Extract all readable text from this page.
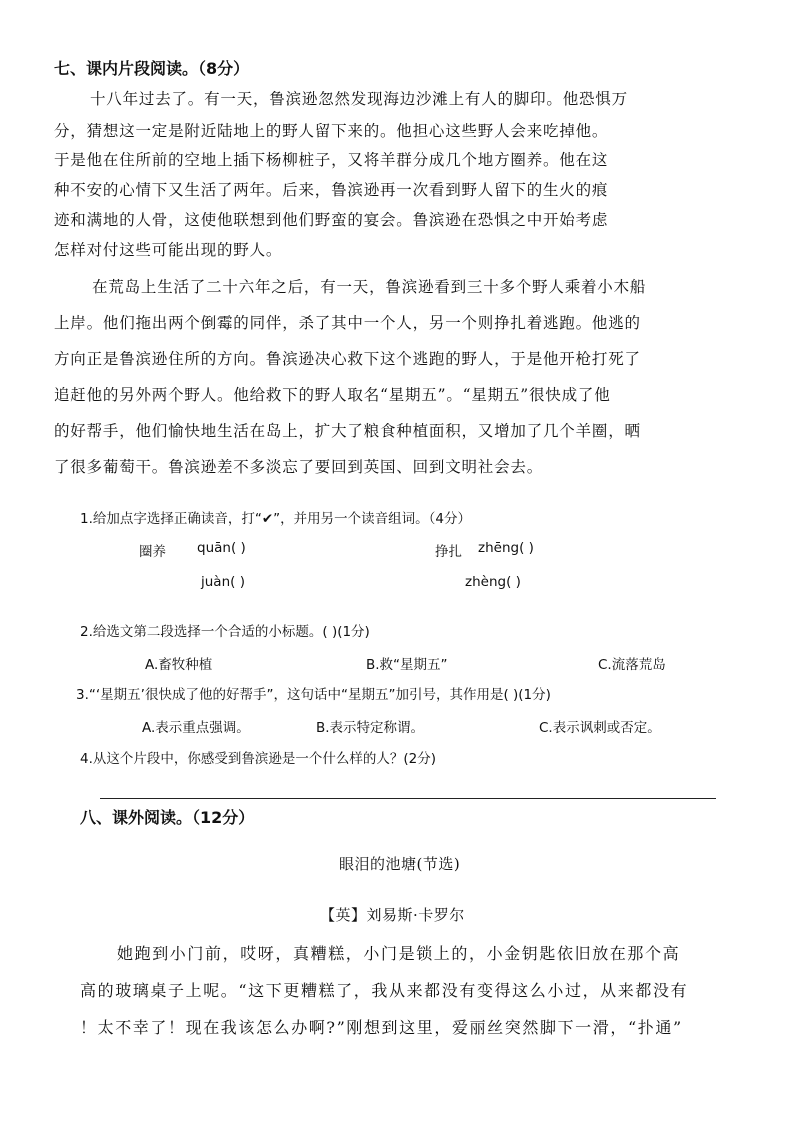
七、课内片段阅读。（8分）
十八年过去了。有一天，鲁滨逊忽然发现海边沙滩上有人的脚印。他恐惧万
分，猜想这一定是附近陆地上的野人留下来的。他担心这些野人会来吃掉他。
于是他在住所前的空地上插下杨柳桩子，又将羊群分成几个地方圈养。他在这
种不安的心情下又生活了两年。后来，鲁滨逊再一次看到野人留下的生火的痕
迹和满地的人骨，这使他联想到他们野蛮的宴会。鲁滨逊在恐惧之中开始考虑
怎样对付这些可能出现的野人。
在荒岛上生活了二十六年之后，有一天，鲁滨逊看到三十多个野人乘着小木船
上岸。他们拖出两个倒霉的同伴，杀了其中一个人，另一个则挣扎着逃跑。他逃的
方向正是鲁滨逊住所的方向。鲁滨逊决心救下这个逃跑的野人，于是他开枪打死了
追赶他的另外两个野人。他给救下的野人取名“星期五”。“星期五”很快成了他
的好帮手，他们愉快地生活在岛上，扩大了粮食种植面积，又增加了几个羊圈，晒
了很多葡萄干。鲁滨逊差不多淡忘了要回到英国、回到文明社会去。
1.给加点字选择正确读音，打“✔”，并用另一个读音组词。（4分）
圈养 quān( )	挣扎 zhēng( )
juàn( )	zhèng( )
2.给选文第二段选择一个合适的小标题。( )(1分)
A.畜牧种植	B.救“星期五”	C.流落荒岛
3.“‘星期五’很快成了他的好帮手”，这句话中“星期五”加引号，其作用是( )(1分)
A.表示重点强调。	B.表示特定称谓。	C.表示讽刺或否定。
4.从这个片段中，你感受到鲁滨逊是一个什么样的人？(2分)
八、课外阅读。（12分）
眼泪的池塘(节选)
【英】刘易斯·卡罗尔
她跑到小门前，哎呀，真糟糕，小门是锁上的，小金钥匙依旧放在那个高
高的玻璃桌子上呢。“这下更糟糕了，我从来都没有变得这么小过，从来都没有
！太不幸了！现在我该怎么办啊?”刚想到这里，爱丽丝突然脚下一滑，“扑通”
